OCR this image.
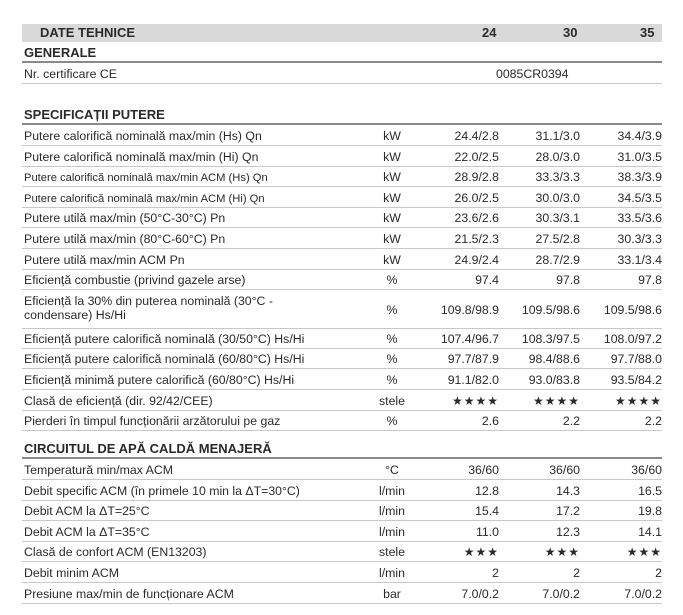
DATE TEHNICE	24	30	35
GENERALE
Nr. certificare CE	0085CR0394
SPECIFICAȚII PUTERE
Putere calorifică nominală max/min (Hs) Qn	kW	24.4/2.8	31.1/3.0	34.4/3.9
Putere calorifică nominală max/min (Hi) Qn	kW	22.0/2.5	28.0/3.0	31.0/3.5
Putere calorifică nominală max/min ACM (Hs) Qn	kW	28.9/2.8	33.3/3.3	38.3/3.9
Putere calorifică nominală max/min ACM (Hi) Qn	kW	26.0/2.5	30.0/3.0	34.5/3.5
Putere utilă max/min (50°C-30°C) Pn	kW	23.6/2.6	30.3/3.1	33.5/3.6
Putere utilă max/min (80°C-60°C) Pn	kW	21.5/2.3	27.5/2.8	30.3/3.3
Putere utilă max/min ACM Pn	kW	24.9/2.4	28.7/2.9	33.1/3.4
Eficiență combustie (privind gazele arse)	%	97.4	97.8	97.8
Eficiență la 30% din puterea nominală (30°C - condensare) Hs/Hi	%	109.8/98.9	109.5/98.6	109.5/98.6
Eficiență putere calorifică nominală (30/50°C) Hs/Hi	%	107.4/96.7	108.3/97.5	108.0/97.2
Eficiență putere calorifică nominală (60/80°C) Hs/Hi	%	97.7/87.9	98.4/88.6	97.7/88.0
Eficiență minimă putere calorifică (60/80°C) Hs/Hi	%	91.1/82.0	93.0/83.8	93.5/84.2
Clasă de eficiență (dir. 92/42/CEE)	stele	★★★★	★★★★	★★★★
Pierderi în timpul funcționării arzătorului pe gaz	%	2.6	2.2	2.2
CIRCUITUL DE APĂ CALDĂ MENAJERĂ
Temperatură min/max ACM	°C	36/60	36/60	36/60
Debit specific ACM (în primele 10 min la ΔT=30°C)	l/min	12.8	14.3	16.5
Debit ACM la ΔT=25°C	l/min	15.4	17.2	19.8
Debit ACM la ΔT=35°C	l/min	11.0	12.3	14.1
Clasă de confort ACM (EN13203)	stele	★★★	★★★	★★★
Debit minim ACM	l/min	2	2	2
Presiune max/min de funcționare ACM	bar	7.0/0.2	7.0/0.2	7.0/0.2
